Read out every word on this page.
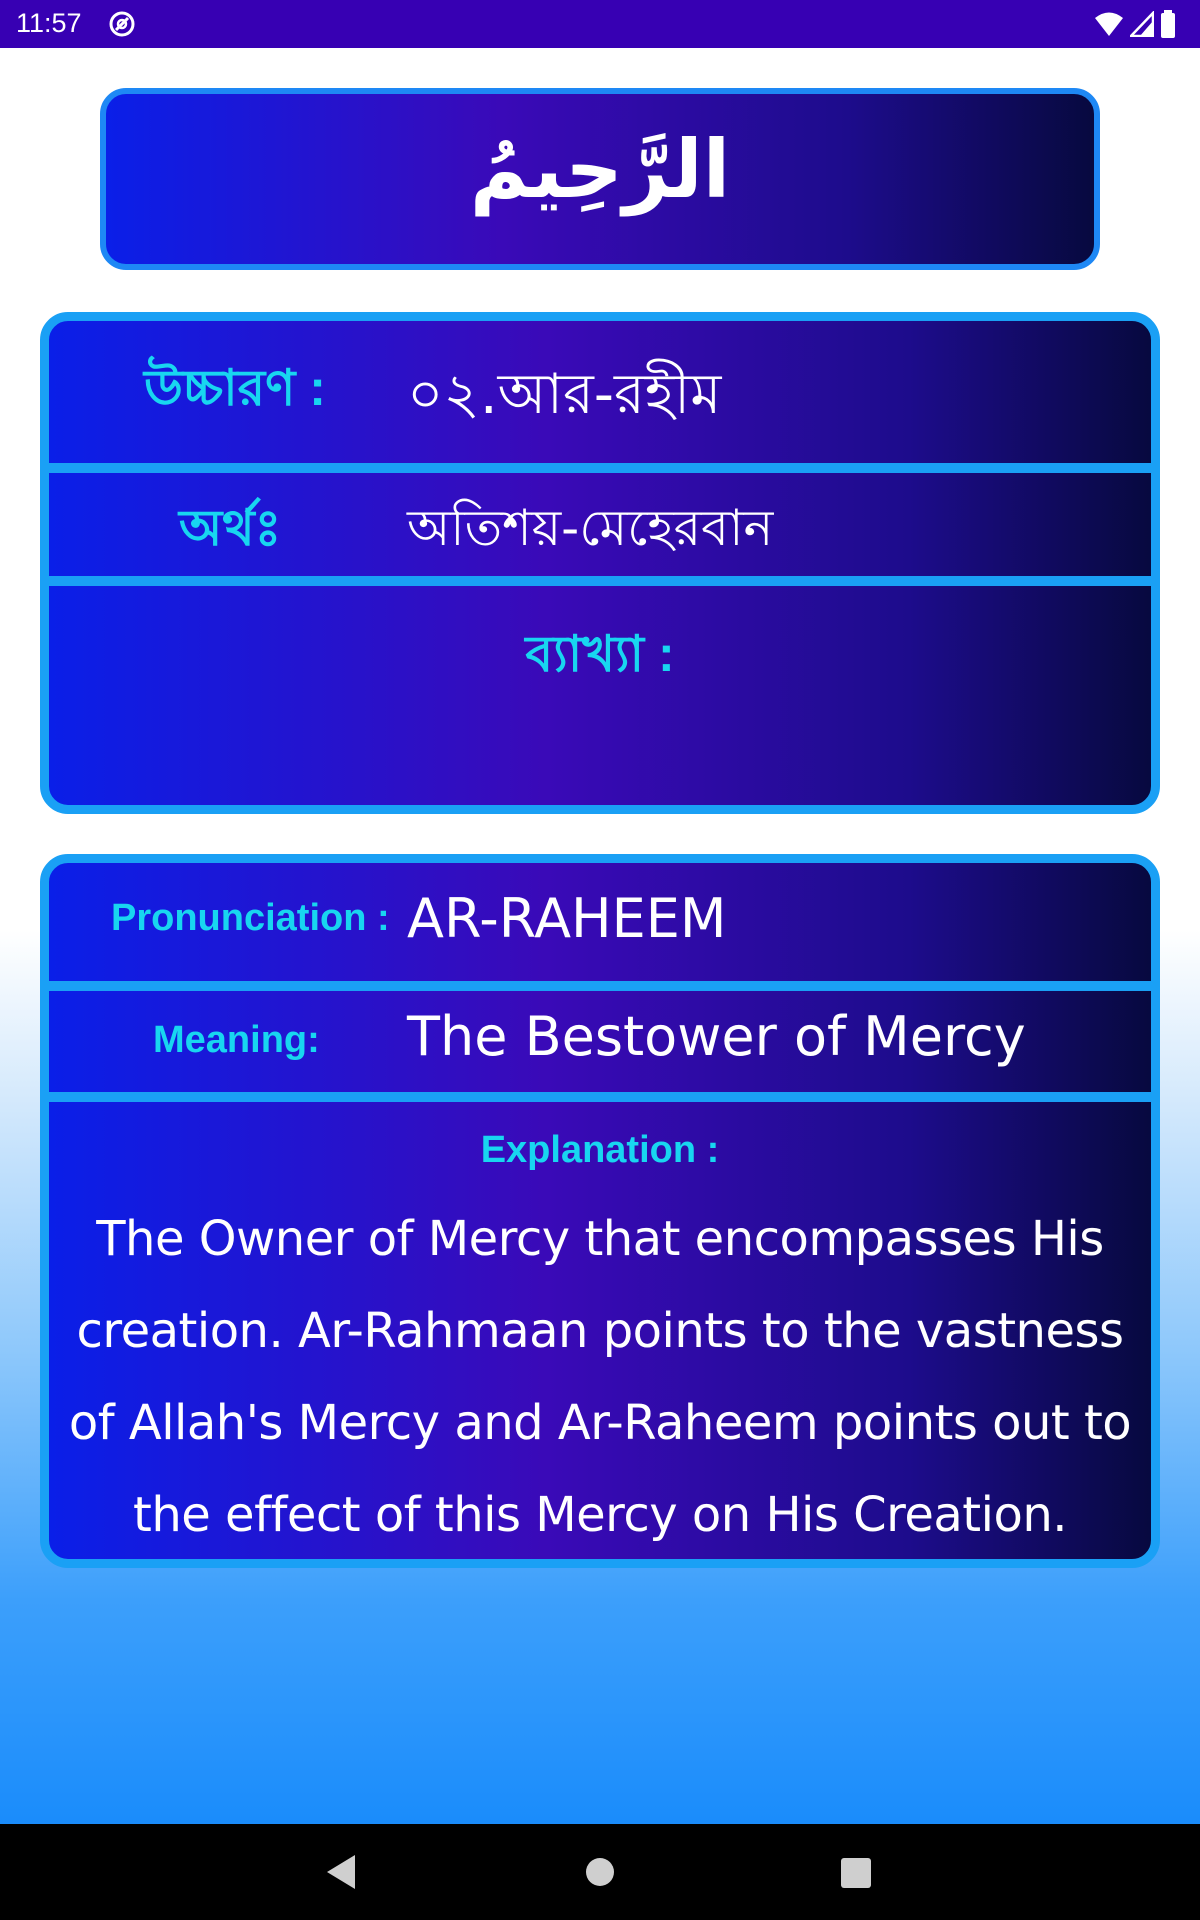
11:57
الرَّحِيمُ
উচ্চারণ : ০২.আর-রহীম
অর্থঃ	অতিশয়-মেহেরবান
ব্যাখ্যা :
Pronunciation : AR-RAHEEM
Meaning: The Bestower of Mercy
Explanation :

The Owner of Mercy that encompasses His creation. Ar-Rahmaan points to the vastness of Allah's Mercy and Ar-Raheem points out to the effect of this Mercy on His Creation.
